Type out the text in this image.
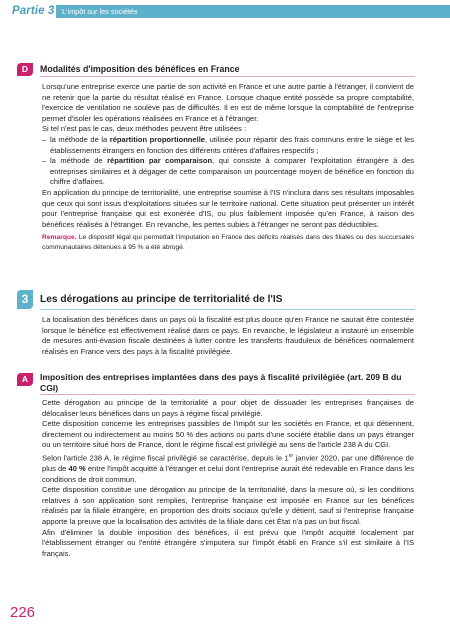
Partie 3 L'impôt sur les sociétés
D	Modalités d'imposition des bénéfices en France

Lorsqu'une entreprise exerce une partie de son activité en France et une autre partie à l'étranger, il convient de ne retenir que la partie du résultat réalisé en France. Lorsque chaque entité possède sa propre comptabilité, l'exercice de ventilation ne soulève pas de difficultés. Il en est de même lorsque la comptabilité de l'entreprise permet d'isoler les opérations réalisées en France et à l'étranger.

Si tel n'est pas le cas, deux méthodes peuvent être utilisées :

– la méthode de la répartition proportionnelle, utilisée pour répartir des frais communs entre le siège et les établissements étrangers en fonction des différents critères d'affaires respectifs ;

– la méthode de répartition par comparaison, qui consiste à comparer l'exploitation étrangère à des entreprises similaires et à dégager de cette comparaison un pourcentage moyen de bénéfice en fonction du chiffre d'affaires.

En application du principe de territorialité, une entreprise soumise à l'IS n'inclura dans ses résultats imposables que ceux qui sont issus d'exploitations situées sur le territoire national. Cette situation peut présenter un intérêt pour l'entreprise française qui est exonérée d'IS, ou plus faiblement imposée qu'en France, à raison des bénéfices réalisés à l'étranger. En revanche, les pertes subies à l'étranger ne seront pas déductibles.

Remarque. Le dispositif légal qui permettait l'imputation en France des déficits réalisés dans des filiales ou des succursales communautaires détenues à 95 % a été abrogé.

3	Les dérogations au principe de territorialité de l'IS

La localisation des bénéfices dans un pays où la fiscalité est plus douce qu'en France ne saurait être contestée lorsque le bénéfice est effectivement réalisé dans ce pays. En revanche, le législateur a instauré un ensemble de mesures anti-évasion fiscale destinées à lutter contre les transferts frauduleux de bénéfices normalement réalisés en France vers des pays à la fiscalité privilégiée.

A	Imposition des entreprises implantées dans des pays à fiscalité privilégiée (art. 209 B du CGI)

Cette dérogation au principe de la territorialité a pour objet de dissuader les entreprises françaises de délocaliser leurs bénéfices dans un pays à régime fiscal privilégié.

Cette disposition concerne les entreprises passibles de l'impôt sur les sociétés en France, et qui détiennent, directement ou indirectement au moins 50 % des actions ou parts d'une société établie dans un pays étranger ou un territoire situé hors de France, dont le régime fiscal est privilégié au sens de l'article 238 A du CGI.

Selon l'article 238 A, le régime fiscal privilégié se caractérise, depuis le 1er janvier 2020, par une différence de plus de 40 % entre l'impôt acquitté à l'étranger et celui dont l'entreprise aurait été redevable en France dans les conditions de droit commun.

Cette disposition constitue une dérogation au principe de la territorialité, dans la mesure où, si les conditions relatives à son application sont remplies, l'entreprise française est imposée en France sur les bénéfices réalisés par la filiale étrangère, en proportion des droits sociaux qu'elle y détient, sauf si l'entreprise française apporte la preuve que la localisation des activités de la filiale dans cet État n'a pas un but fiscal.

Afin d'éliminer la double imposition des bénéfices, il est prévu que l'impôt acquitté localement par l'établissement étranger ou l'entité étrangère s'imputera sur l'impôt établi en France s'il est similaire à l'IS français.

226
